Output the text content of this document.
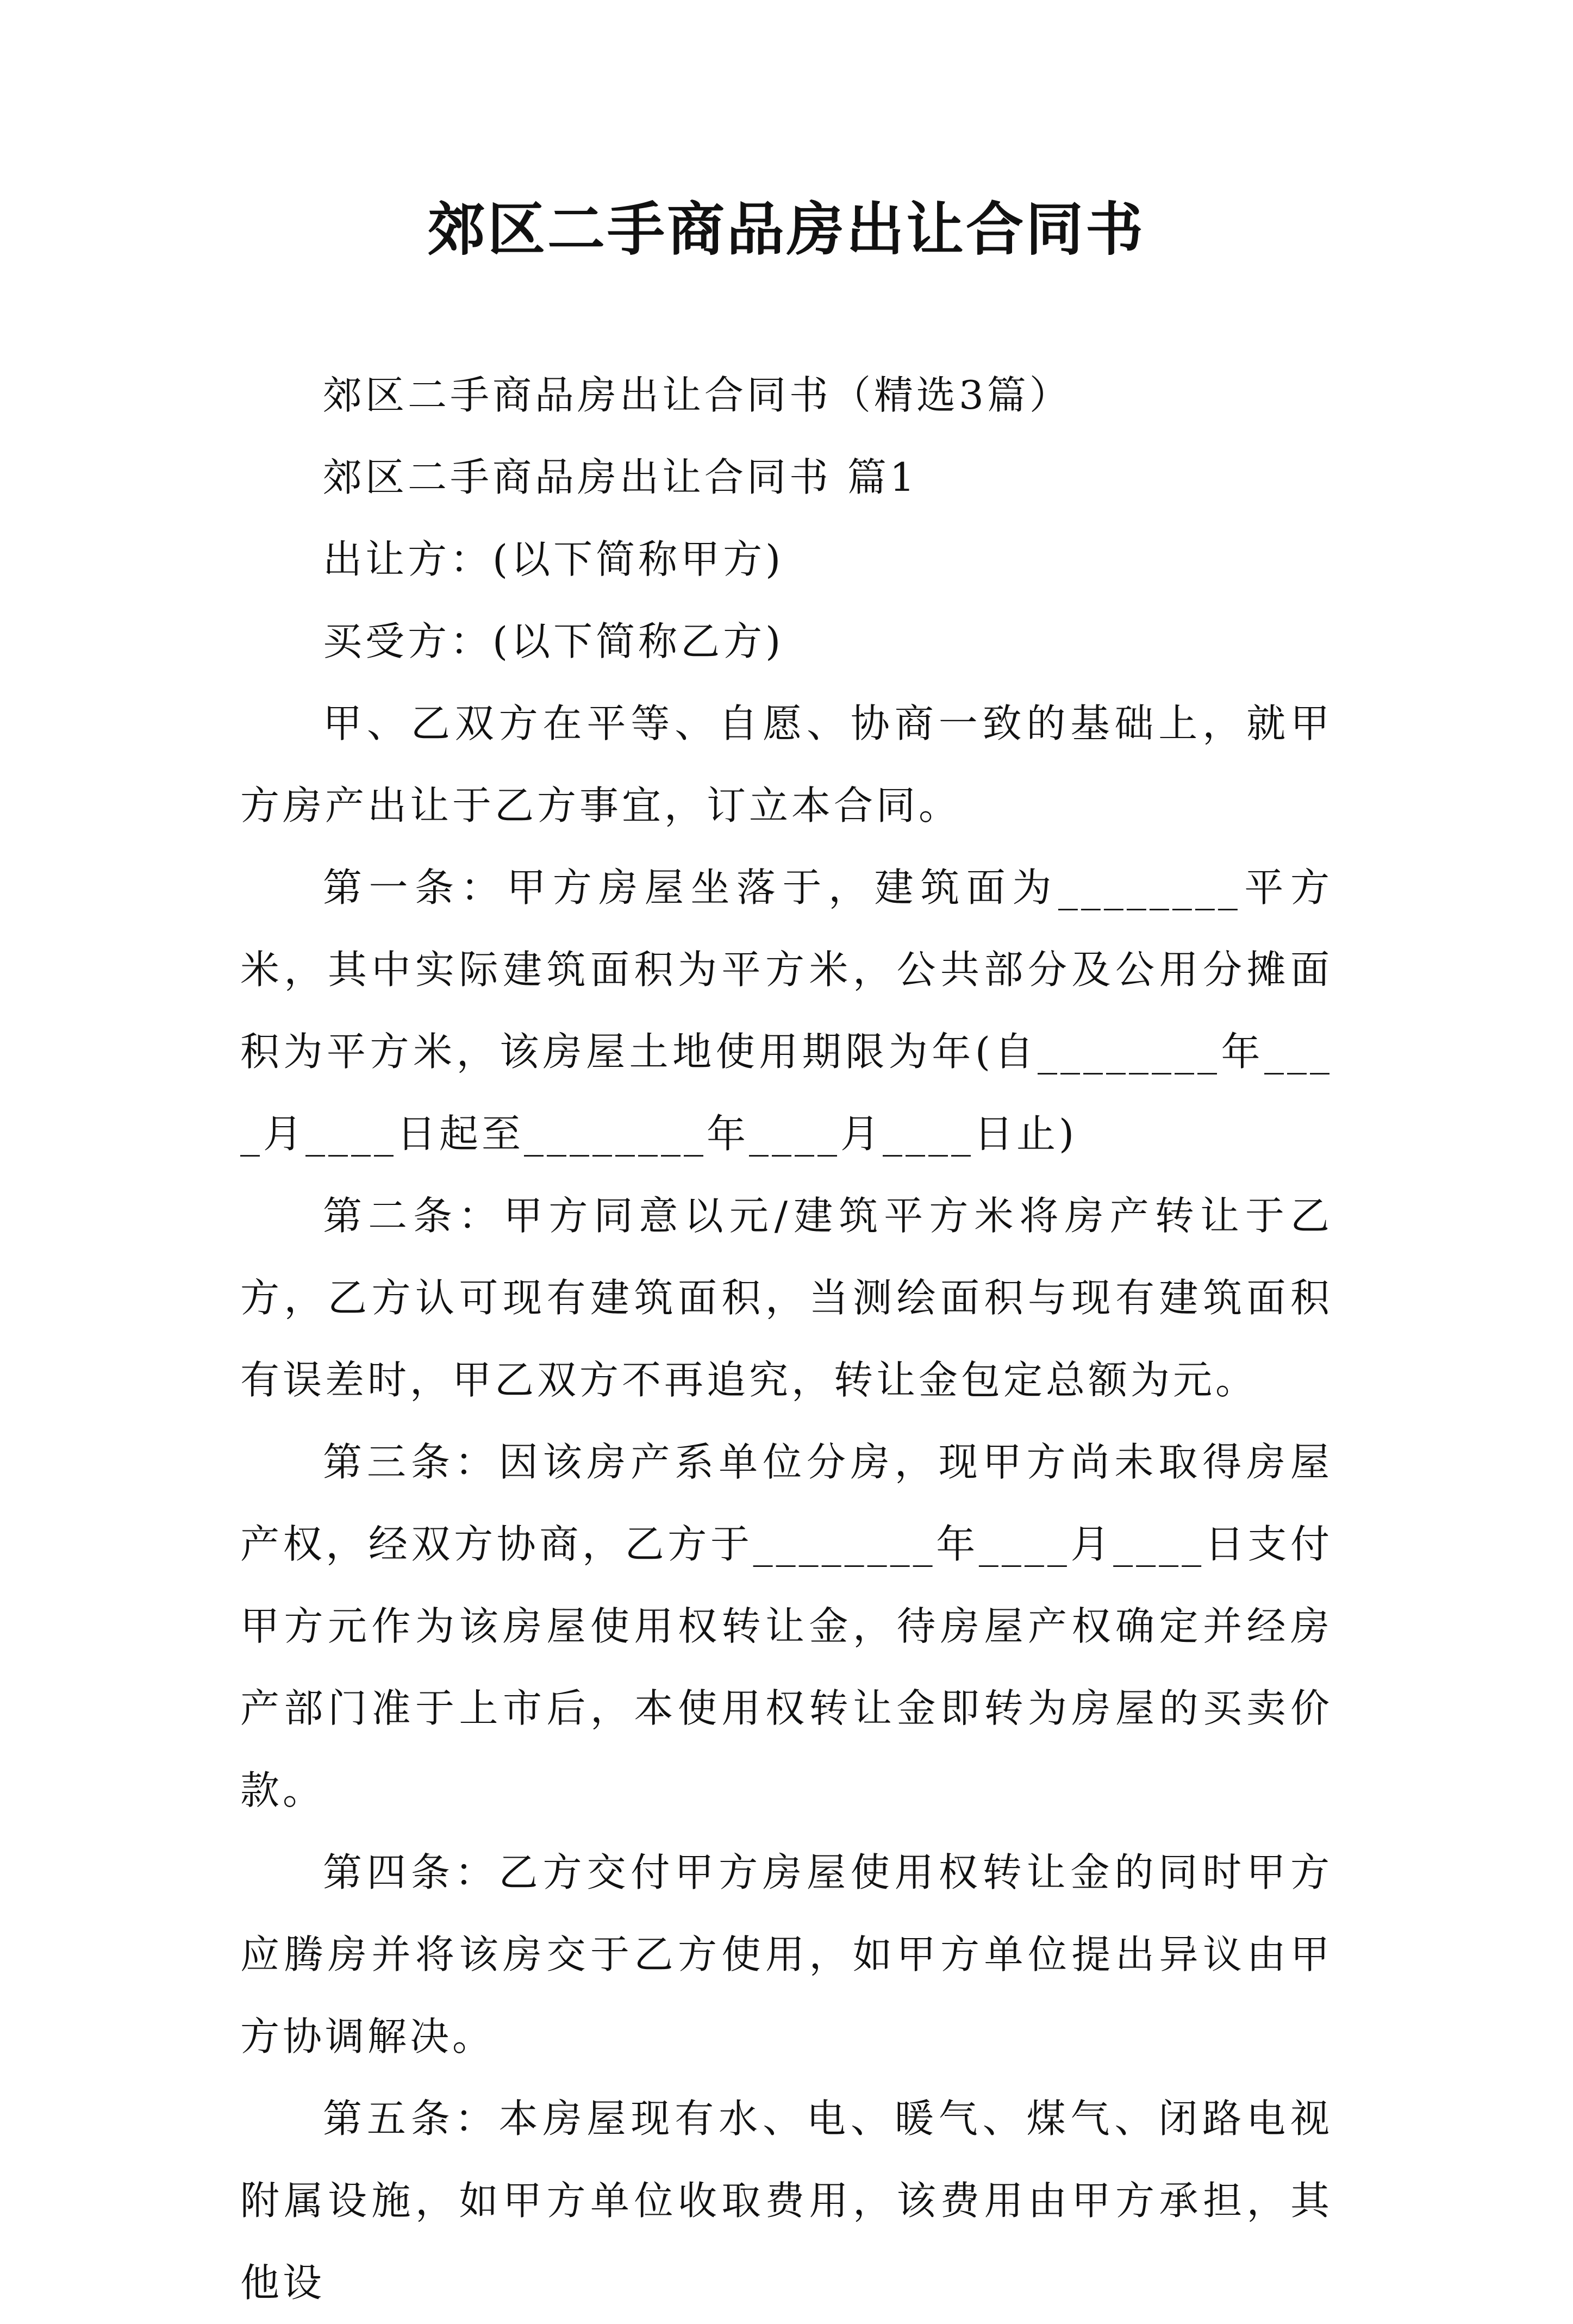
郊区二手商品房出让合同书

郊区二手商品房出让合同书（精选3篇）

郊区二手商品房出让合同书 篇1

出让方：(以下简称甲方)

买受方：(以下简称乙方)

甲、乙双方在平等、自愿、协商一致的基础上，就甲方房产出让于乙方事宜，订立本合同。

第一条：甲方房屋坐落于，建筑面为________平方米，其中实际建筑面积为平方米，公共部分及公用分摊面积为平方米，该房屋土地使用期限为年(自________年____月____日起至________年____月____日止)

第二条：甲方同意以元/建筑平方米将房产转让于乙方，乙方认可现有建筑面积，当测绘面积与现有建筑面积有误差时，甲乙双方不再追究，转让金包定总额为元。

第三条：因该房产系单位分房，现甲方尚未取得房屋产权，经双方协商，乙方于________年____月____日支付甲方元作为该房屋使用权转让金，待房屋产权确定并经房产部门准于上市后，本使用权转让金即转为房屋的买卖价款。

第四条：乙方交付甲方房屋使用权转让金的同时甲方应腾房并将该房交于乙方使用，如甲方单位提出异议由甲方协调解决。

第五条：本房屋现有水、电、暖气、煤气、闭路电视附属设施，如甲方单位收取费用，该费用由甲方承担，其他设
